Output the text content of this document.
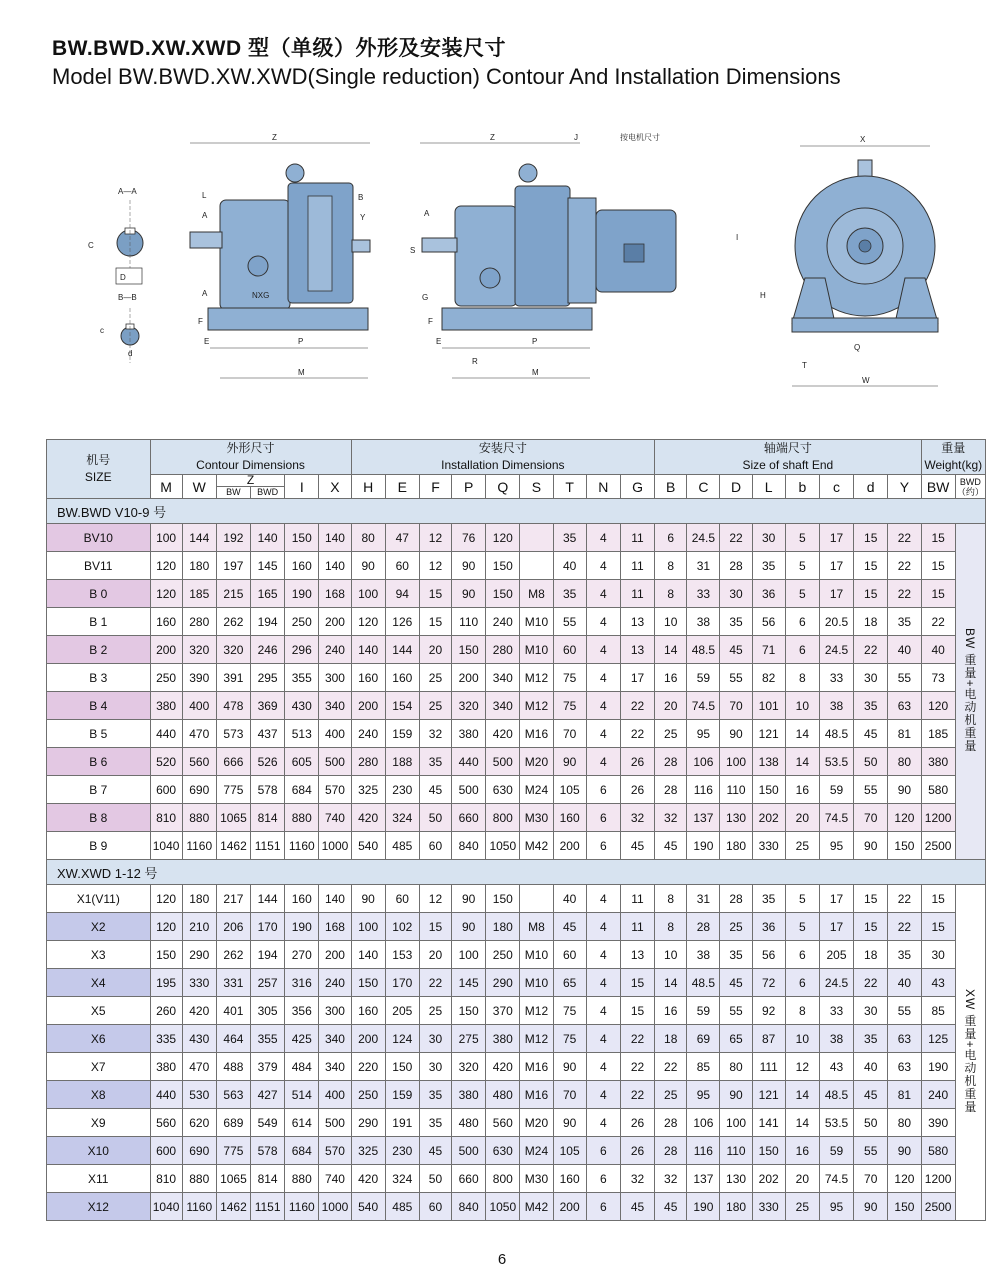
BW.BWD.XW.XWD 型（单级）外形及安装尺寸
Model BW.BWD.XW.XWD(Single reduction) Contour And Installation Dimensions
A—A
C
D
B—B
c
d
Z
NXG
L	B
Y
A
A
F
E	P
M
Z	J	按电机尺寸
S
A
G
F
E	P
R
M
X
I
H
Q
T
W
机号
SIZE	外形尺寸
Contour Dimensions						安装尺寸
Installation Dimensions									轴端尺寸
Size of shaft End								重量
Weight(kg)	
	M	W	Z
BW BWD		I	X	H	E	F	P	Q	S	T	N	G	B	C	D	L	b	c	d	Y	BW	BWD（约）
BW.BWD V10-9 号																									
BV10	100	144	192	140	150	140	80	47	12	76	120		35	4	11	6	24.5	22	30	5	17	15	22	15	BW 重量+电动机重量
BV11	120	180	197	145	160	140	90	60	12	90	150		40	4	11	8	31	28	35	5	17	15	22	15	
B 0	120	185	215	165	190	168	100	94	15	90	150	M8	35	4	11	8	33	30	36	5	17	15	22	15	
B 1	160	280	262	194	250	200	120	126	15	110	240	M10	55	4	13	10	38	35	56	6	20.5	18	35	22	
B 2	200	320	320	246	296	240	140	144	20	150	280	M10	60	4	13	14	48.5	45	71	6	24.5	22	40	40	
B 3	250	390	391	295	355	300	160	160	25	200	340	M12	75	4	17	16	59	55	82	8	33	30	55	73	
B 4	380	400	478	369	430	340	200	154	25	320	340	M12	75	4	22	20	74.5	70	101	10	38	35	63	120	
B 5	440	470	573	437	513	400	240	159	32	380	420	M16	70	4	22	25	95	90	121	14	48.5	45	81	185	
B 6	520	560	666	526	605	500	280	188	35	440	500	M20	90	4	26	28	106	100	138	14	53.5	50	80	380	
B 7	600	690	775	578	684	570	325	230	45	500	630	M24	105	6	26	28	116	110	150	16	59	55	90	580	
B 8	810	880	1065	814	880	740	420	324	50	660	800	M30	160	6	32	32	137	130	202	20	74.5	70	120	1200	
B 9	1040	1160	1462	1151	1160	1000	540	485	60	840	1050	M42	200	6	45	45	190	180	330	25	95	90	150	2500	
XW.XWD 1-12 号																									
X1(V11)	120	180	217	144	160	140	90	60	12	90	150		40	4	11	8	31	28	35	5	17	15	22	15	XW 重量+电动机重量
X2	120	210	206	170	190	168	100	102	15	90	180	M8	45	4	11	8	28	25	36	5	17	15	22	15	
X3	150	290	262	194	270	200	140	153	20	100	250	M10	60	4	13	10	38	35	56	6	205	18	35	30	
X4	195	330	331	257	316	240	150	170	22	145	290	M10	65	4	15	14	48.5	45	72	6	24.5	22	40	43	
X5	260	420	401	305	356	300	160	205	25	150	370	M12	75	4	15	16	59	55	92	8	33	30	55	85	
X6	335	430	464	355	425	340	200	124	30	275	380	M12	75	4	22	18	69	65	87	10	38	35	63	125	
X7	380	470	488	379	484	340	220	150	30	320	420	M16	90	4	22	22	85	80	111	12	43	40	63	190	
X8	440	530	563	427	514	400	250	159	35	380	480	M16	70	4	22	25	95	90	121	14	48.5	45	81	240	
X9	560	620	689	549	614	500	290	191	35	480	560	M20	90	4	26	28	106	100	141	14	53.5	50	80	390	
X10	600	690	775	578	684	570	325	230	45	500	630	M24	105	6	26	28	116	110	150	16	59	55	90	580	
X11	810	880	1065	814	880	740	420	324	50	660	800	M30	160	6	32	32	137	130	202	20	74.5	70	120	1200	
X12	1040	1160	1462	1151	1160	1000	540	485	60	840	1050	M42	200	6	45	45	190	180	330	25	95	90	150	2500	
6
